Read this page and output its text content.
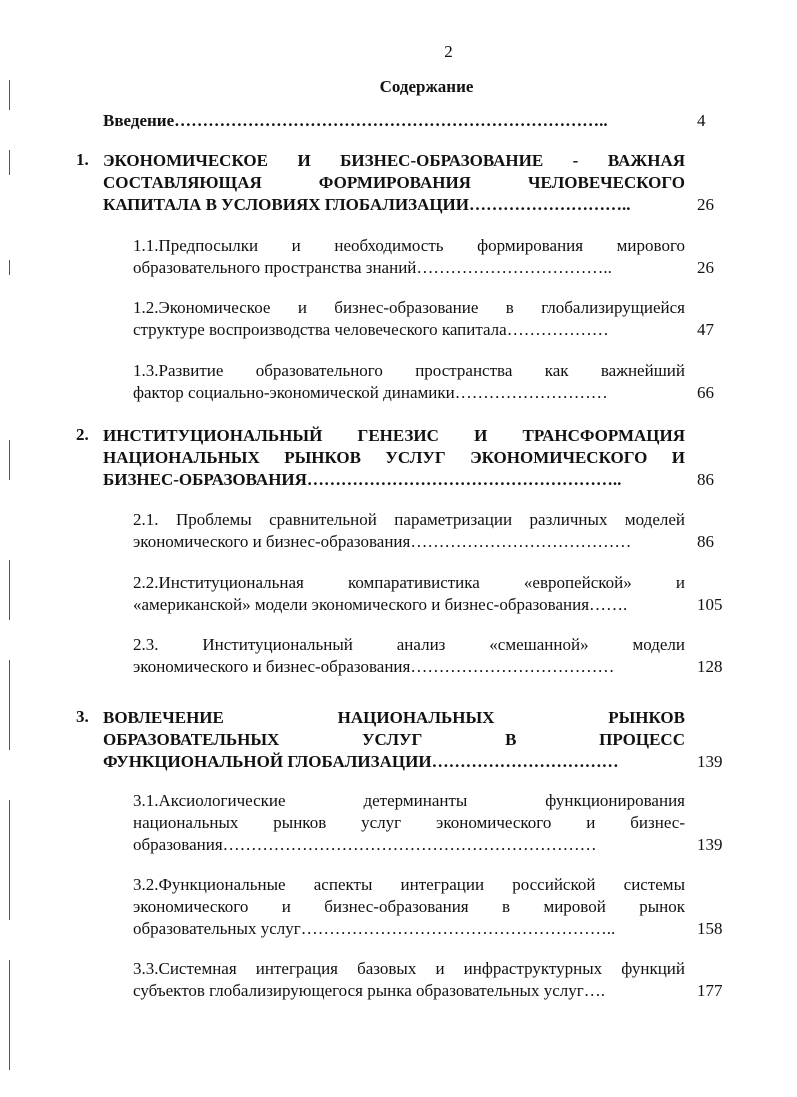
2
Содержание
Введение…………………………………………………………………..	4
1. ЭКОНОМИЧЕСКОЕ И БИЗНЕС-ОБРАЗОВАНИЕ - ВАЖНАЯ
СОСТАВЛЯЮЩАЯ ФОРМИРОВАНИЯ ЧЕЛОВЕЧЕСКОГО
КАПИТАЛА В УСЛОВИЯХ ГЛОБАЛИЗАЦИИ………………………..	26
1.1.Предпосылки и необходимость формирования мирового
образовательного пространства знаний……………………………..	26
1.2.Экономическое и бизнес-образование в глобализирущиейся
структуре воспроизводства человеческого капитала………………	47
1.3.Развитие образовательного пространства как важнейший
фактор социально-экономической динамики………………………	66
2. ИНСТИТУЦИОНАЛЬНЫЙ ГЕНЕЗИС И ТРАНСФОРМАЦИЯ
НАЦИОНАЛЬНЫХ РЫНКОВ УСЛУГ ЭКОНОМИЧЕСКОГО И
БИЗНЕС-ОБРАЗОВАНИЯ………………………………………………..	86
2.1. Проблемы сравнительной параметризации различных моделей
экономического и бизнес-образования…………………………………	86
2.2.Институциональная компаративистика «европейской» и
«американской» модели экономического и бизнес-образования…….	105
2.3. Институциональный анализ «смешанной» модели
экономического и бизнес-образования………………………………	128
3. ВОВЛЕЧЕНИЕ НАЦИОНАЛЬНЫХ РЫНКОВ
ОБРАЗОВАТЕЛЬНЫХ УСЛУГ В ПРОЦЕСС
ФУНКЦИОНАЛЬНОЙ ГЛОБАЛИЗАЦИИ……………………………	139
3.1.Аксиологические детерминанты функционирования
национальных рынков услуг экономического и бизнес-
образования…………………………………………………………	139
3.2.Функциональные аспекты интеграции российской системы
экономического и бизнес-образования в мировой рынок
образовательных услуг………………………………………………..	158
3.3.Системная интеграция базовых и инфраструктурных функций
субъектов глобализирующегося рынка образовательных услуг….	177
